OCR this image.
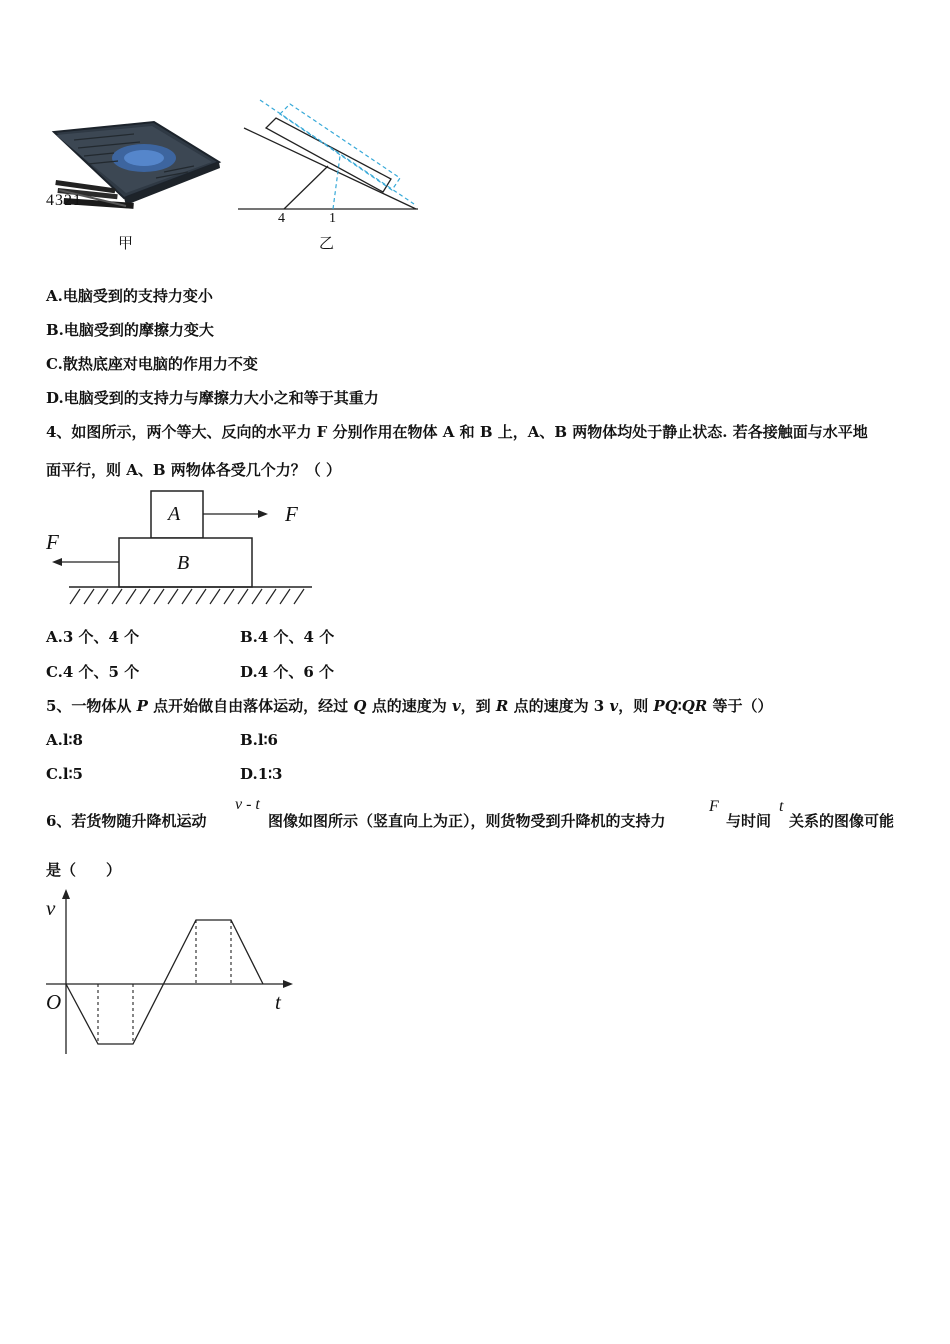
4321
甲
4	1
乙
A.电脑受到的支持力变小
B.电脑受到的摩擦力变大
C.散热底座对电脑的作用力不变
D.电脑受到的支持力与摩擦力大小之和等于其重力
4、如图所示，两个等大、反向的水平力 F 分别作用在物体 A 和 B 上，A、B 两物体均处于静止状态. 若各接触面与水平地
面平行，则 A、B 两物体各受几个力？（ ）
A
B
F
F
A.3 个、4 个	B.4 个、4 个
C.4 个、5 个	D.4 个、6 个
5、一物体从 P 点开始做自由落体运动，经过 Q 点的速度为 v，到 R 点的速度为 3 v，则 PQ∶QR 等于（）
A.l∶8	B.l∶6
C.l∶5	D.1∶3
6、若货物随升降机运动
v - t
图像如图所示（竖直向上为正），则货物受到升降机的支持力
F
与时间
t
关系的图像可能
是（　　）
v
t
O
